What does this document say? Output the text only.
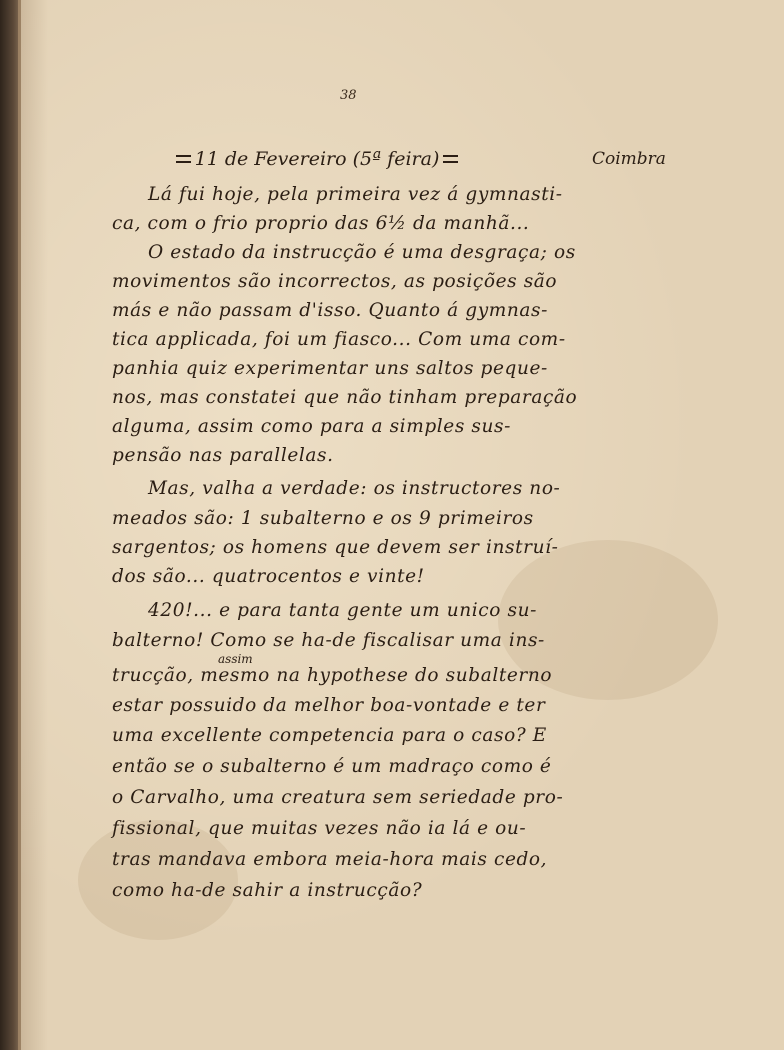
38
11 de Fevereiro (5ª feira)	Coimbra
Lá fui hoje, pela primeira vez á gymnasti-
ca, com o frio proprio das 6½ da manhã...
O estado da instrucção é uma desgraça; os
movimentos são incorrectos, as posições são
más e não passam d'isso. Quanto á gymnas-
tica applicada, foi um fiasco... Com uma com-
panhia quiz experimentar uns saltos peque-
nos, mas constatei que não tinham preparação
alguma, assim como para a simples sus-
pensão nas parallelas.
Mas, valha a verdade: os instructores no-
meados são: 1 subalterno e os 9 primeiros
sargentos; os homens que devem ser instruí-
dos são... quatrocentos e vinte!
420!... e para tanta gente um unico su-
balterno! Como se ha-de fiscalisar uma ins-
assim
trucção, mesmo na hypothese do subalterno
estar possuido da melhor boa-vontade e ter
uma excellente competencia para o caso? E
então se o subalterno é um madraço como é
o Carvalho, uma creatura sem seriedade pro-
fissional, que muitas vezes não ia lá e ou-
tras mandava embora meia-hora mais cedo,
como ha-de sahir a instrucção?
